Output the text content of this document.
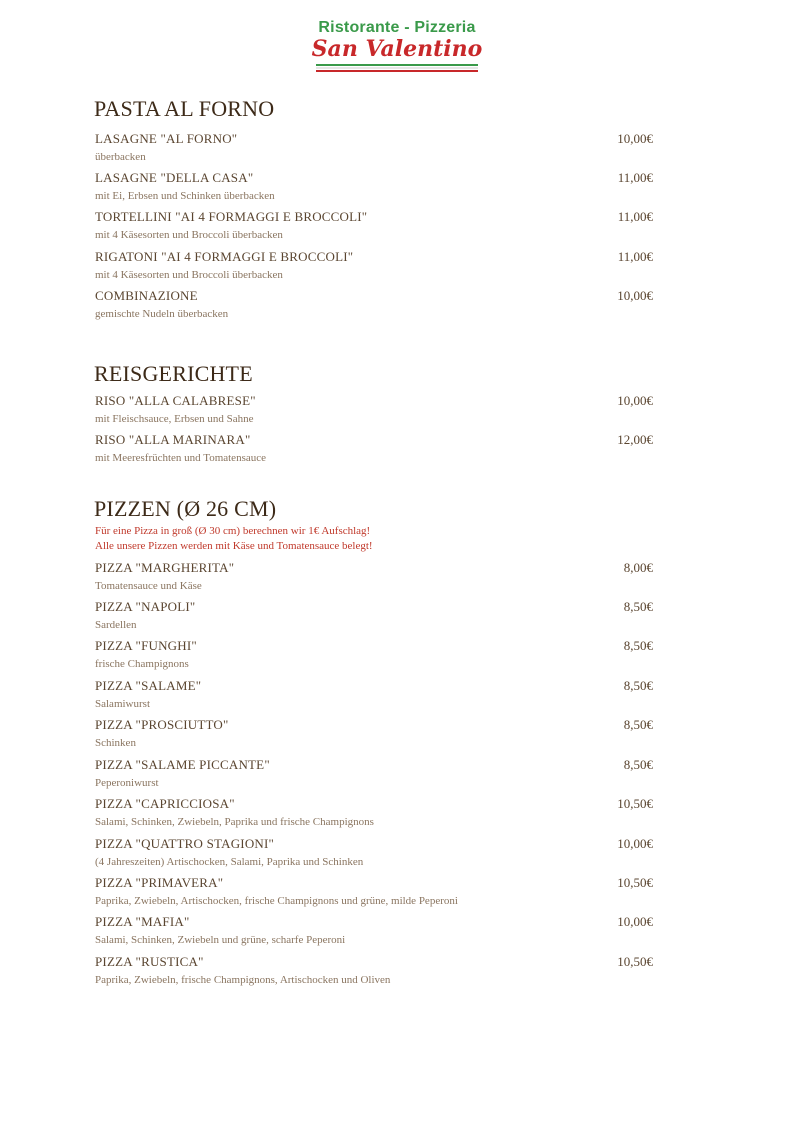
Ristorante - Pizzeria
San Valentino
PASTA AL FORNO
LASAGNE "AL FORNO"
überbacken
10,00€
LASAGNE "DELLA CASA"
mit Ei, Erbsen und Schinken überbacken
11,00€
TORTELLINI "AI 4 FORMAGGI E BROCCOLI"
mit 4 Käsesorten und Broccoli überbacken
11,00€
RIGATONI "AI 4 FORMAGGI E BROCCOLI"
mit 4 Käsesorten und Broccoli überbacken
11,00€
COMBINAZIONE
gemischte Nudeln überbacken
10,00€
REISGERICHTE
RISO "ALLA CALABRESE"
mit Fleischsauce, Erbsen und Sahne
10,00€
RISO "ALLA MARINARA"
mit Meeresfrüchten und Tomatensauce
12,00€
PIZZEN (Ø 26 CM)
Für eine Pizza in groß (Ø 30 cm) berechnen wir 1€ Aufschlag!
Alle unsere Pizzen werden mit Käse und Tomatensauce belegt!
PIZZA "MARGHERITA"
Tomatensauce und Käse
8,00€
PIZZA "NAPOLI"
Sardellen
8,50€
PIZZA "FUNGHI"
frische Champignons
8,50€
PIZZA "SALAME"
Salamiwurst
8,50€
PIZZA "PROSCIUTTO"
Schinken
8,50€
PIZZA "SALAME PICCANTE"
Peperoniwurst
8,50€
PIZZA "CAPRICCIOSA"
Salami, Schinken, Zwiebeln, Paprika und frische Champignons
10,50€
PIZZA "QUATTRO STAGIONI"
(4 Jahreszeiten) Artischocken, Salami, Paprika und Schinken
10,00€
PIZZA "PRIMAVERA"
Paprika, Zwiebeln, Artischocken, frische Champignons und grüne, milde Peperoni
10,50€
PIZZA "MAFIA"
Salami, Schinken, Zwiebeln und grüne, scharfe Peperoni
10,00€
PIZZA "RUSTICA"
Paprika, Zwiebeln, frische Champignons, Artischocken und Oliven
10,50€
